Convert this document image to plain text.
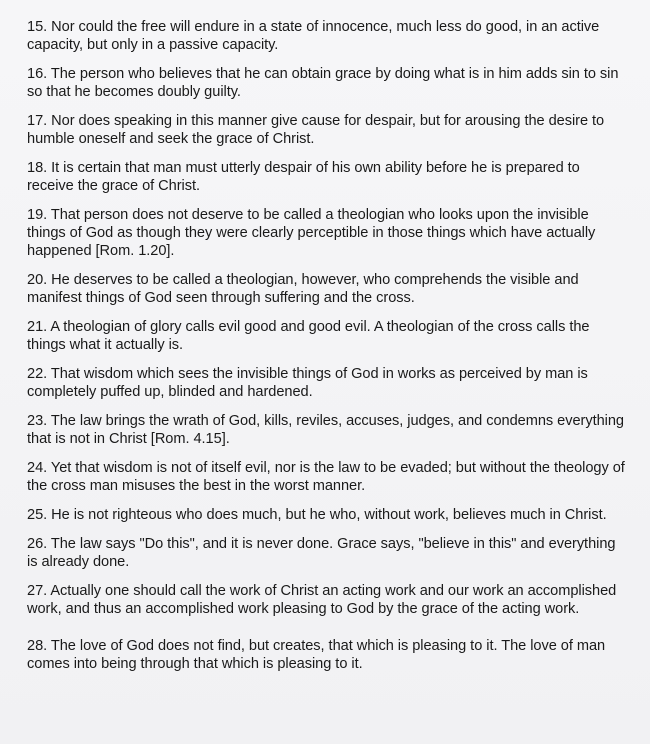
15. Nor could the free will endure in a state of innocence, much less do good, in an active capacity, but only in a passive capacity.

16. The person who believes that he can obtain grace by doing what is in him adds sin to sin so that he becomes doubly guilty.

17. Nor does speaking in this manner give cause for despair, but for arousing the desire to humble oneself and seek the grace of Christ.

18. It is certain that man must utterly despair of his own ability before he is prepared to receive the grace of Christ.

19. That person does not deserve to be called a theologian who looks upon the invisible things of God as though they were clearly perceptible in those things which have actually happened [Rom. 1.20].

20. He deserves to be called a theologian, however, who comprehends the visible and manifest things of God seen through suffering and the cross.

21. A theologian of glory calls evil good and good evil. A theologian of the cross calls the things what it actually is.

22. That wisdom which sees the invisible things of God in works as perceived by man is completely puffed up, blinded and hardened.

23. The law brings the wrath of God, kills, reviles, accuses, judges, and condemns everything that is not in Christ [Rom. 4.15].

24. Yet that wisdom is not of itself evil, nor is the law to be evaded; but without the theology of the cross man misuses the best in the worst manner.

25. He is not righteous who does much, but he who, without work, believes much in Christ.

26. The law says "Do this", and it is never done. Grace says, "believe in this" and everything is already done.

27. Actually one should call the work of Christ an acting work and our work an accomplished work, and thus an accomplished work pleasing to God by the grace of the acting work.

28. The love of God does not find, but creates, that which is pleasing to it. The love of man comes into being through that which is pleasing to it.
